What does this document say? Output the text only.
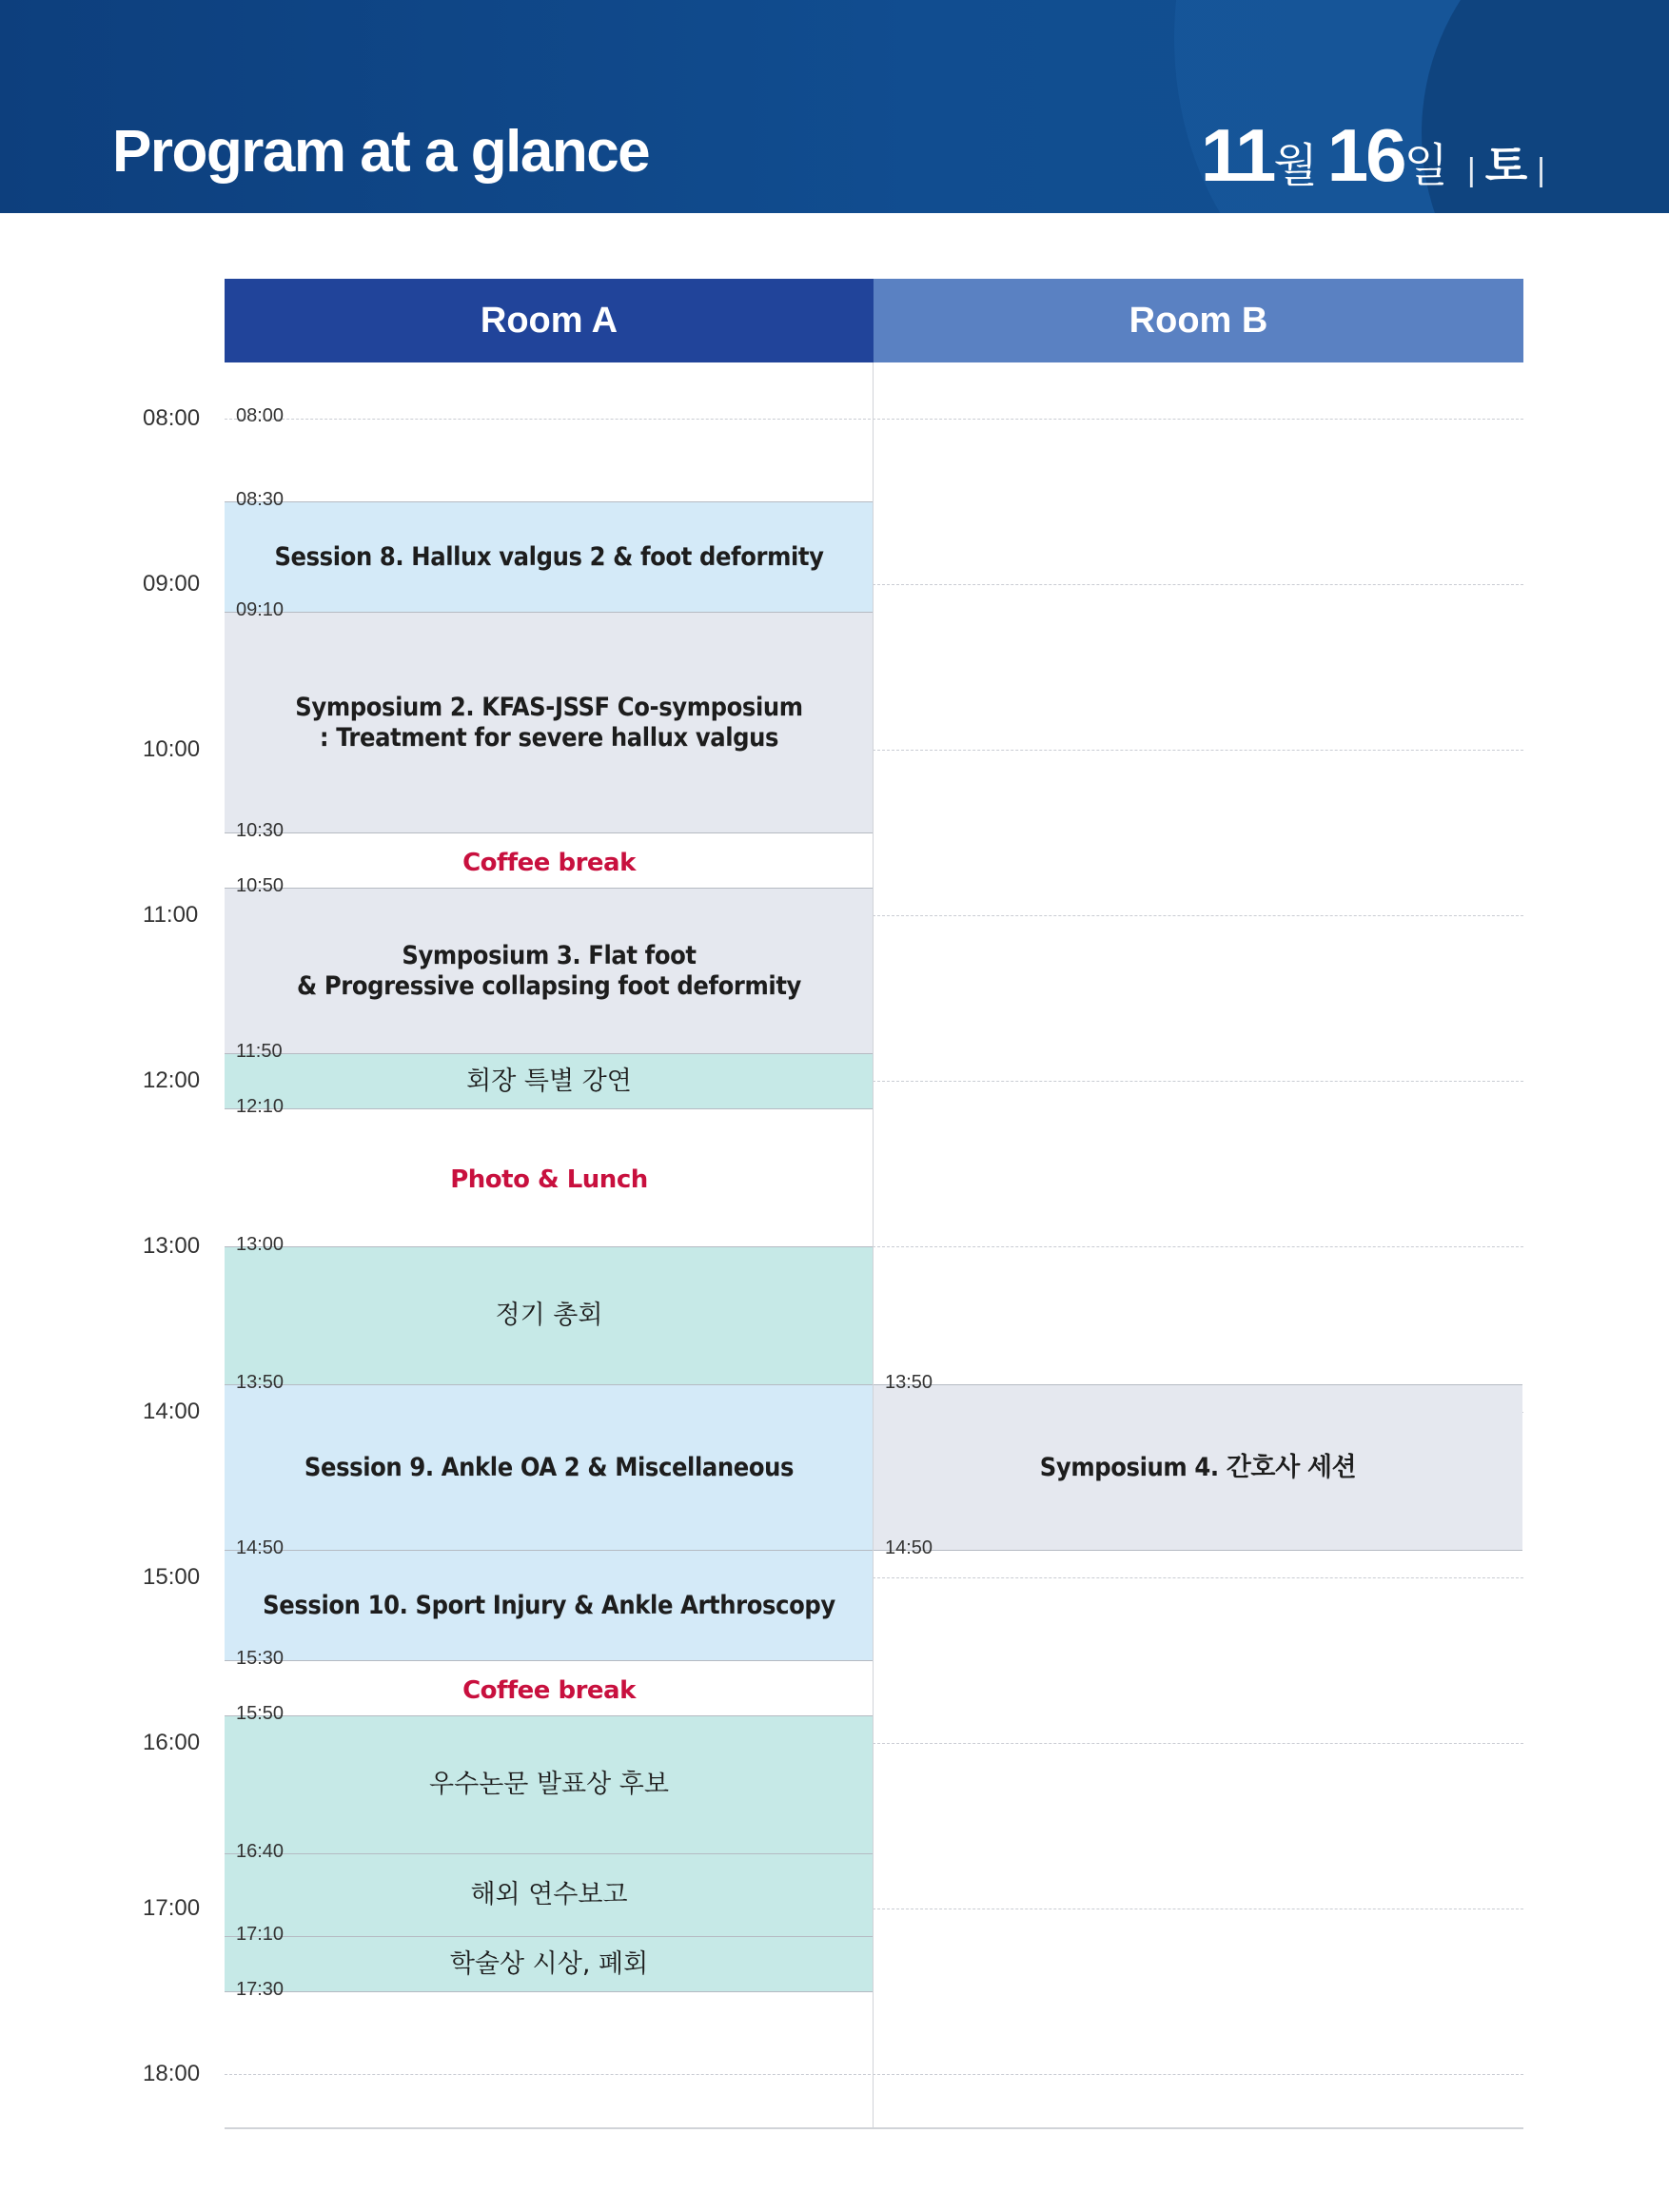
Program at a glance	11 월 16 일 | 토 |
Room A	Room B
08:00
09:00
10:00
11:00
12:00
13:00
14:00
15:00
16:00
17:00
18:00
08:00
Session 8. Hallux valgus 2 & foot deformity
08:30
Symposium 2. KFAS-JSSF Co-symposium
: Treatment for severe hallux valgus
09:10
Coffee break
10:30
Symposium 3. Flat foot
& Progressive collapsing foot deformity
10:50
회장 특별 강연
11:50
Photo & Lunch
12:10
정기 총회
13:00
Session 9. Ankle OA 2 & Miscellaneous
13:50
Session 10. Sport Injury & Ankle Arthroscopy
14:50
Coffee break
15:30
우수논문 발표상 후보
15:50
해외 연수보고
16:40
학술상 시상, 폐회
17:10
17:30
Symposium 4. 간호사 세션
13:50
14:50
